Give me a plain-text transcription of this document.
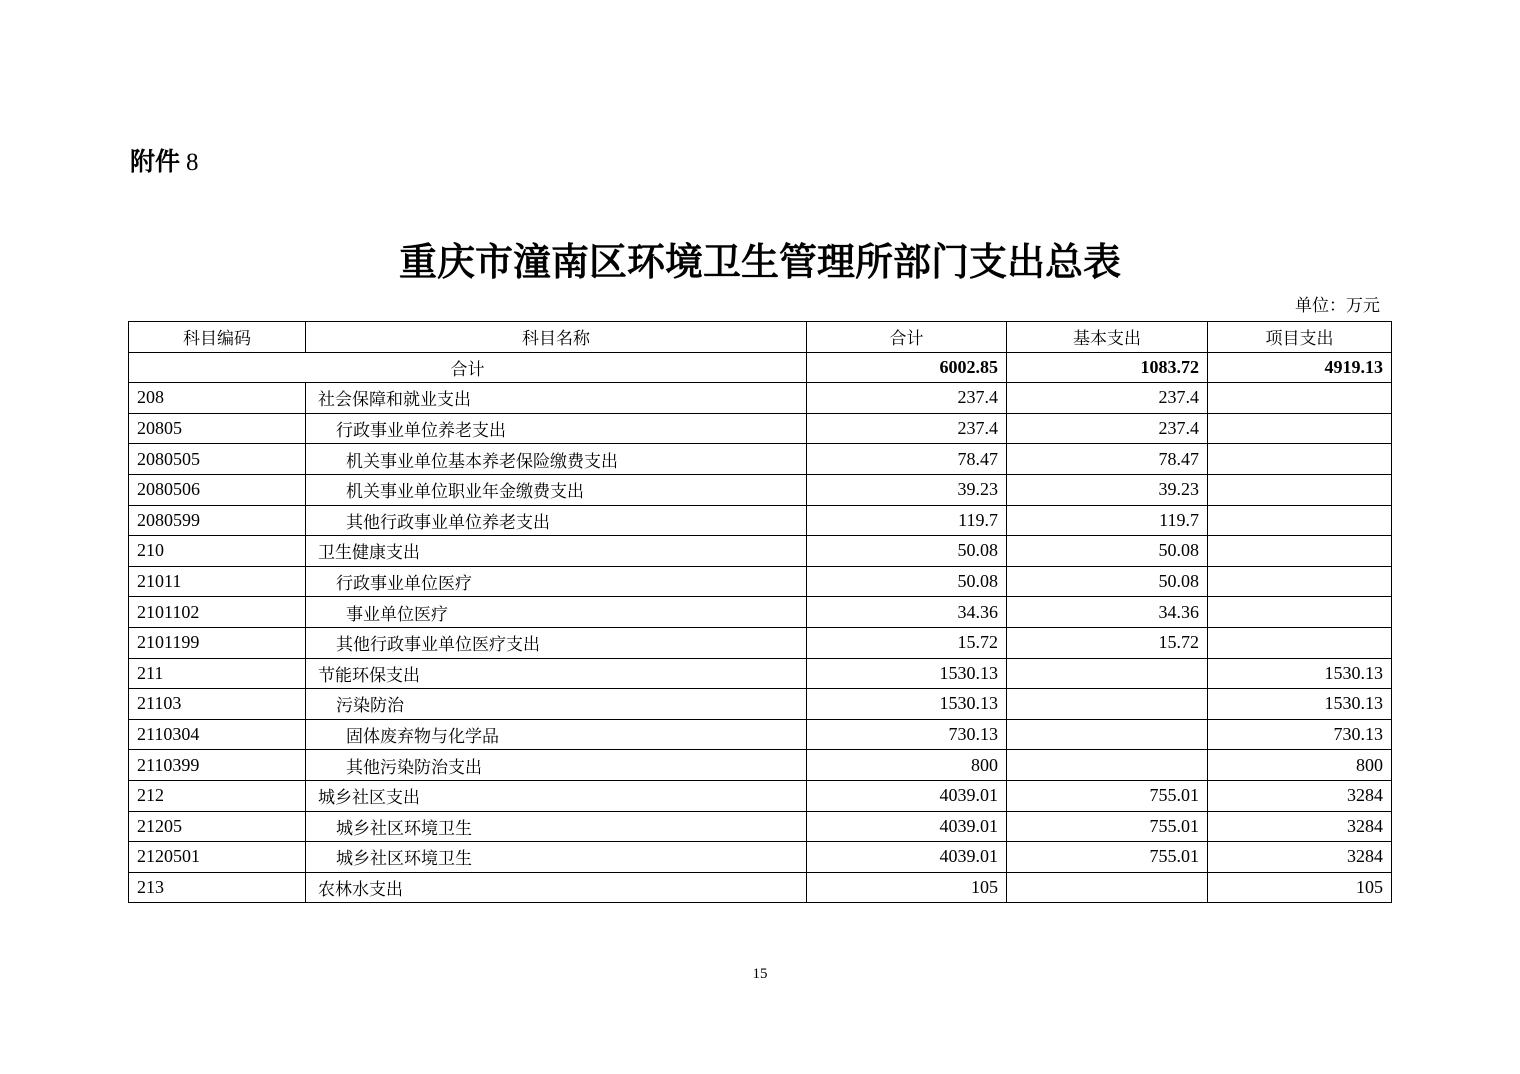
附件 8
重庆市潼南区环境卫生管理所部门支出总表
单位：万元
科目编码	科目名称	合计	基本支出	项目支出
合计		6002.85	1083.72	4919.13
208	社会保障和就业支出	237.4	237.4	
20805	行政事业单位养老支出	237.4	237.4	
2080505	机关事业单位基本养老保险缴费支出	78.47	78.47	
2080506	机关事业单位职业年金缴费支出	39.23	39.23	
2080599	其他行政事业单位养老支出	119.7	119.7	
210	卫生健康支出	50.08	50.08	
21011	行政事业单位医疗	50.08	50.08	
2101102	事业单位医疗	34.36	34.36	
2101199	其他行政事业单位医疗支出	15.72	15.72	
211	节能环保支出	1530.13		1530.13
21103	污染防治	1530.13		1530.13
2110304	固体废弃物与化学品	730.13		730.13
2110399	其他污染防治支出	800		800
212	城乡社区支出	4039.01	755.01	3284
21205	城乡社区环境卫生	4039.01	755.01	3284
2120501	城乡社区环境卫生	4039.01	755.01	3284
213	农林水支出	105		105
15
